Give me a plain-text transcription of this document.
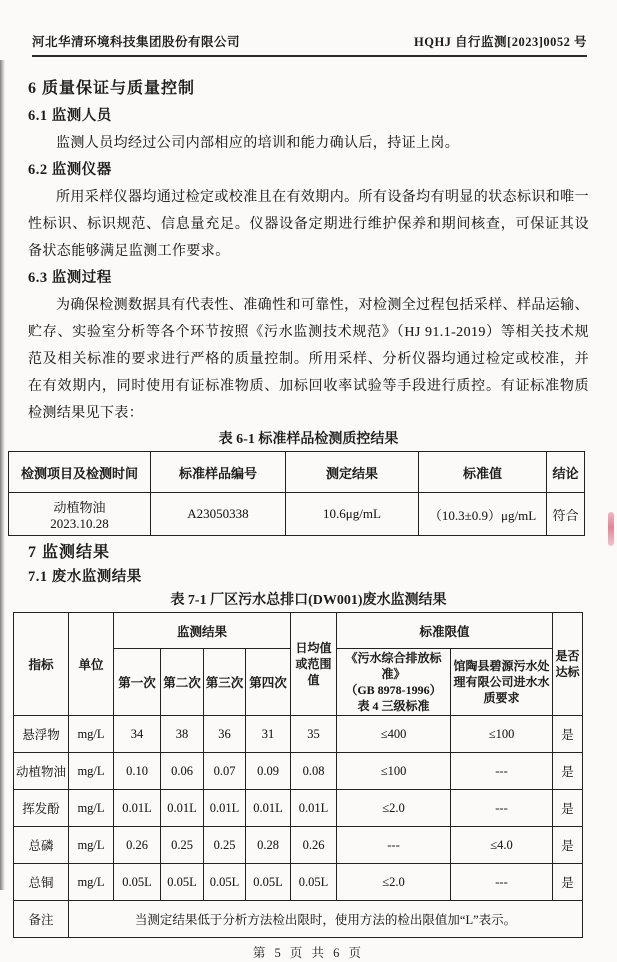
河北华清环境科技集团股份有限公司	HQHJ 自行监测[2023]0052 号
6 质量保证与质量控制
6.1 监测人员

监测人员均经过公司内部相应的培训和能力确认后，持证上岗。

6.2 监测仪器

所用采样仪器均通过检定或校准且在有效期内。所有设备均有明显的状态标识和唯一性标识、标识规范、信息量充足。仪器设备定期进行维护保养和期间核查，可保证其设备状态能够满足监测工作要求。

6.3 监测过程

为确保检测数据具有代表性、准确性和可靠性，对检测全过程包括采样、样品运输、贮存、实验室分析等各个环节按照《污水监测技术规范》（HJ 91.1-2019）等相关技术规范及相关标准的要求进行严格的质量控制。所用采样、分析仪器均通过检定或校准，并在有效期内，同时使用有证标准物质、加标回收率试验等手段进行质控。有证标准物质检测结果见下表：

表 6-1 标准样品检测质控结果
检测项目及检测时间	标准样品编号	测定结果	标准值	结论

动植物油
2023.10.28	A23050338	10.6μg/mL	（10.3±0.9）μg/mL	符合
7 监测结果
7.1 废水监测结果
表 7-1 厂区污水总排口(DW001)废水监测结果
指标	单位	监测结果				日均值或范围值	标准限值		是否达标
		第一次	第二次	第三次	第四次		《污水综合排放标准》
（GB 8978-1996）
表 4 三级标准	馆陶县碧源污水处理有限公司进水水质要求	
悬浮物	mg/L	34	38	36	31	35	≤400	≤100	是
动植物油	mg/L	0.10	0.06	0.07	0.09	0.08	≤100	---	是
挥发酚	mg/L	0.01L	0.01L	0.01L	0.01L	0.01L	≤2.0	---	是
总磷	mg/L	0.26	0.25	0.25	0.28	0.26	---	≤4.0	是
总铜	mg/L	0.05L	0.05L	0.05L	0.05L	0.05L	≤2.0	---	是
备注	当测定结果低于分析方法检出限时，使用方法的检出限值加“L”表示。								
第 5 页 共 6 页
